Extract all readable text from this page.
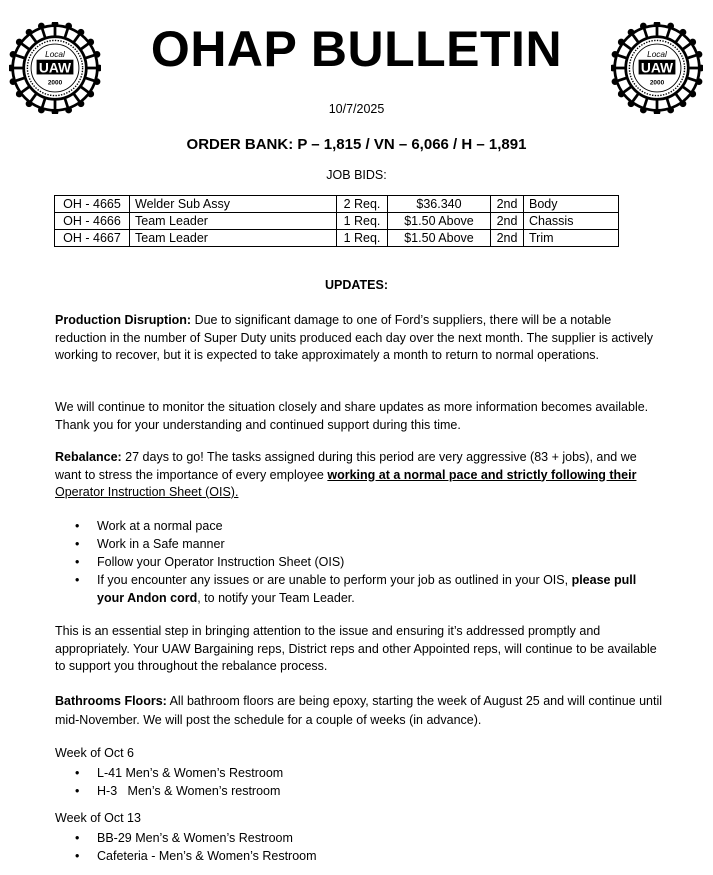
Local
UAW
2000
Local
UAW
2000
OHAP BULLETIN
10/7/2025
ORDER BANK: P – 1,815 / VN – 6,066 / H – 1,891
JOB BIDS:
OH - 4665	Welder Sub Assy	2 Req.	$36.340	2nd	Body
OH - 4666	Team Leader	1 Req.	$1.50 Above	2nd	Chassis
OH - 4667	Team Leader	1 Req.	$1.50 Above	2nd	Trim
UPDATES:
Production Disruption: Due to significant damage to one of Ford’s suppliers, there will be a notable reduction in the number of Super Duty units produced each day over the next month. The supplier is actively working to recover, but it is expected to take approximately a month to return to normal operations.
We will continue to monitor the situation closely and share updates as more information becomes available. Thank you for your understanding and continued support during this time.
Rebalance: 27 days to go! The tasks assigned during this period are very aggressive (83 + jobs), and we want to stress the importance of every employee working at a normal pace and strictly following their
Operator Instruction Sheet (OIS).
• Work at a normal pace
• Work in a Safe manner
• Follow your Operator Instruction Sheet (OIS)
• If you encounter any issues or are unable to perform your job as outlined in your OIS, please pull your Andon cord, to notify your Team Leader.
This is an essential step in bringing attention to the issue and ensuring it’s addressed promptly and appropriately. Your UAW Bargaining reps, District reps and other Appointed reps, will continue to be available to support you throughout the rebalance process.
Bathrooms Floors: All bathroom floors are being epoxy, starting the week of August 25 and will continue until mid-November. We will post the schedule for a couple of weeks (in advance).
Week of Oct 6
• L-41 Men’s & Women’s Restroom
• H-3   Men’s & Women’s restroom
Week of Oct 13
• BB-29 Men’s & Women’s Restroom
• Cafeteria - Men’s & Women’s Restroom
